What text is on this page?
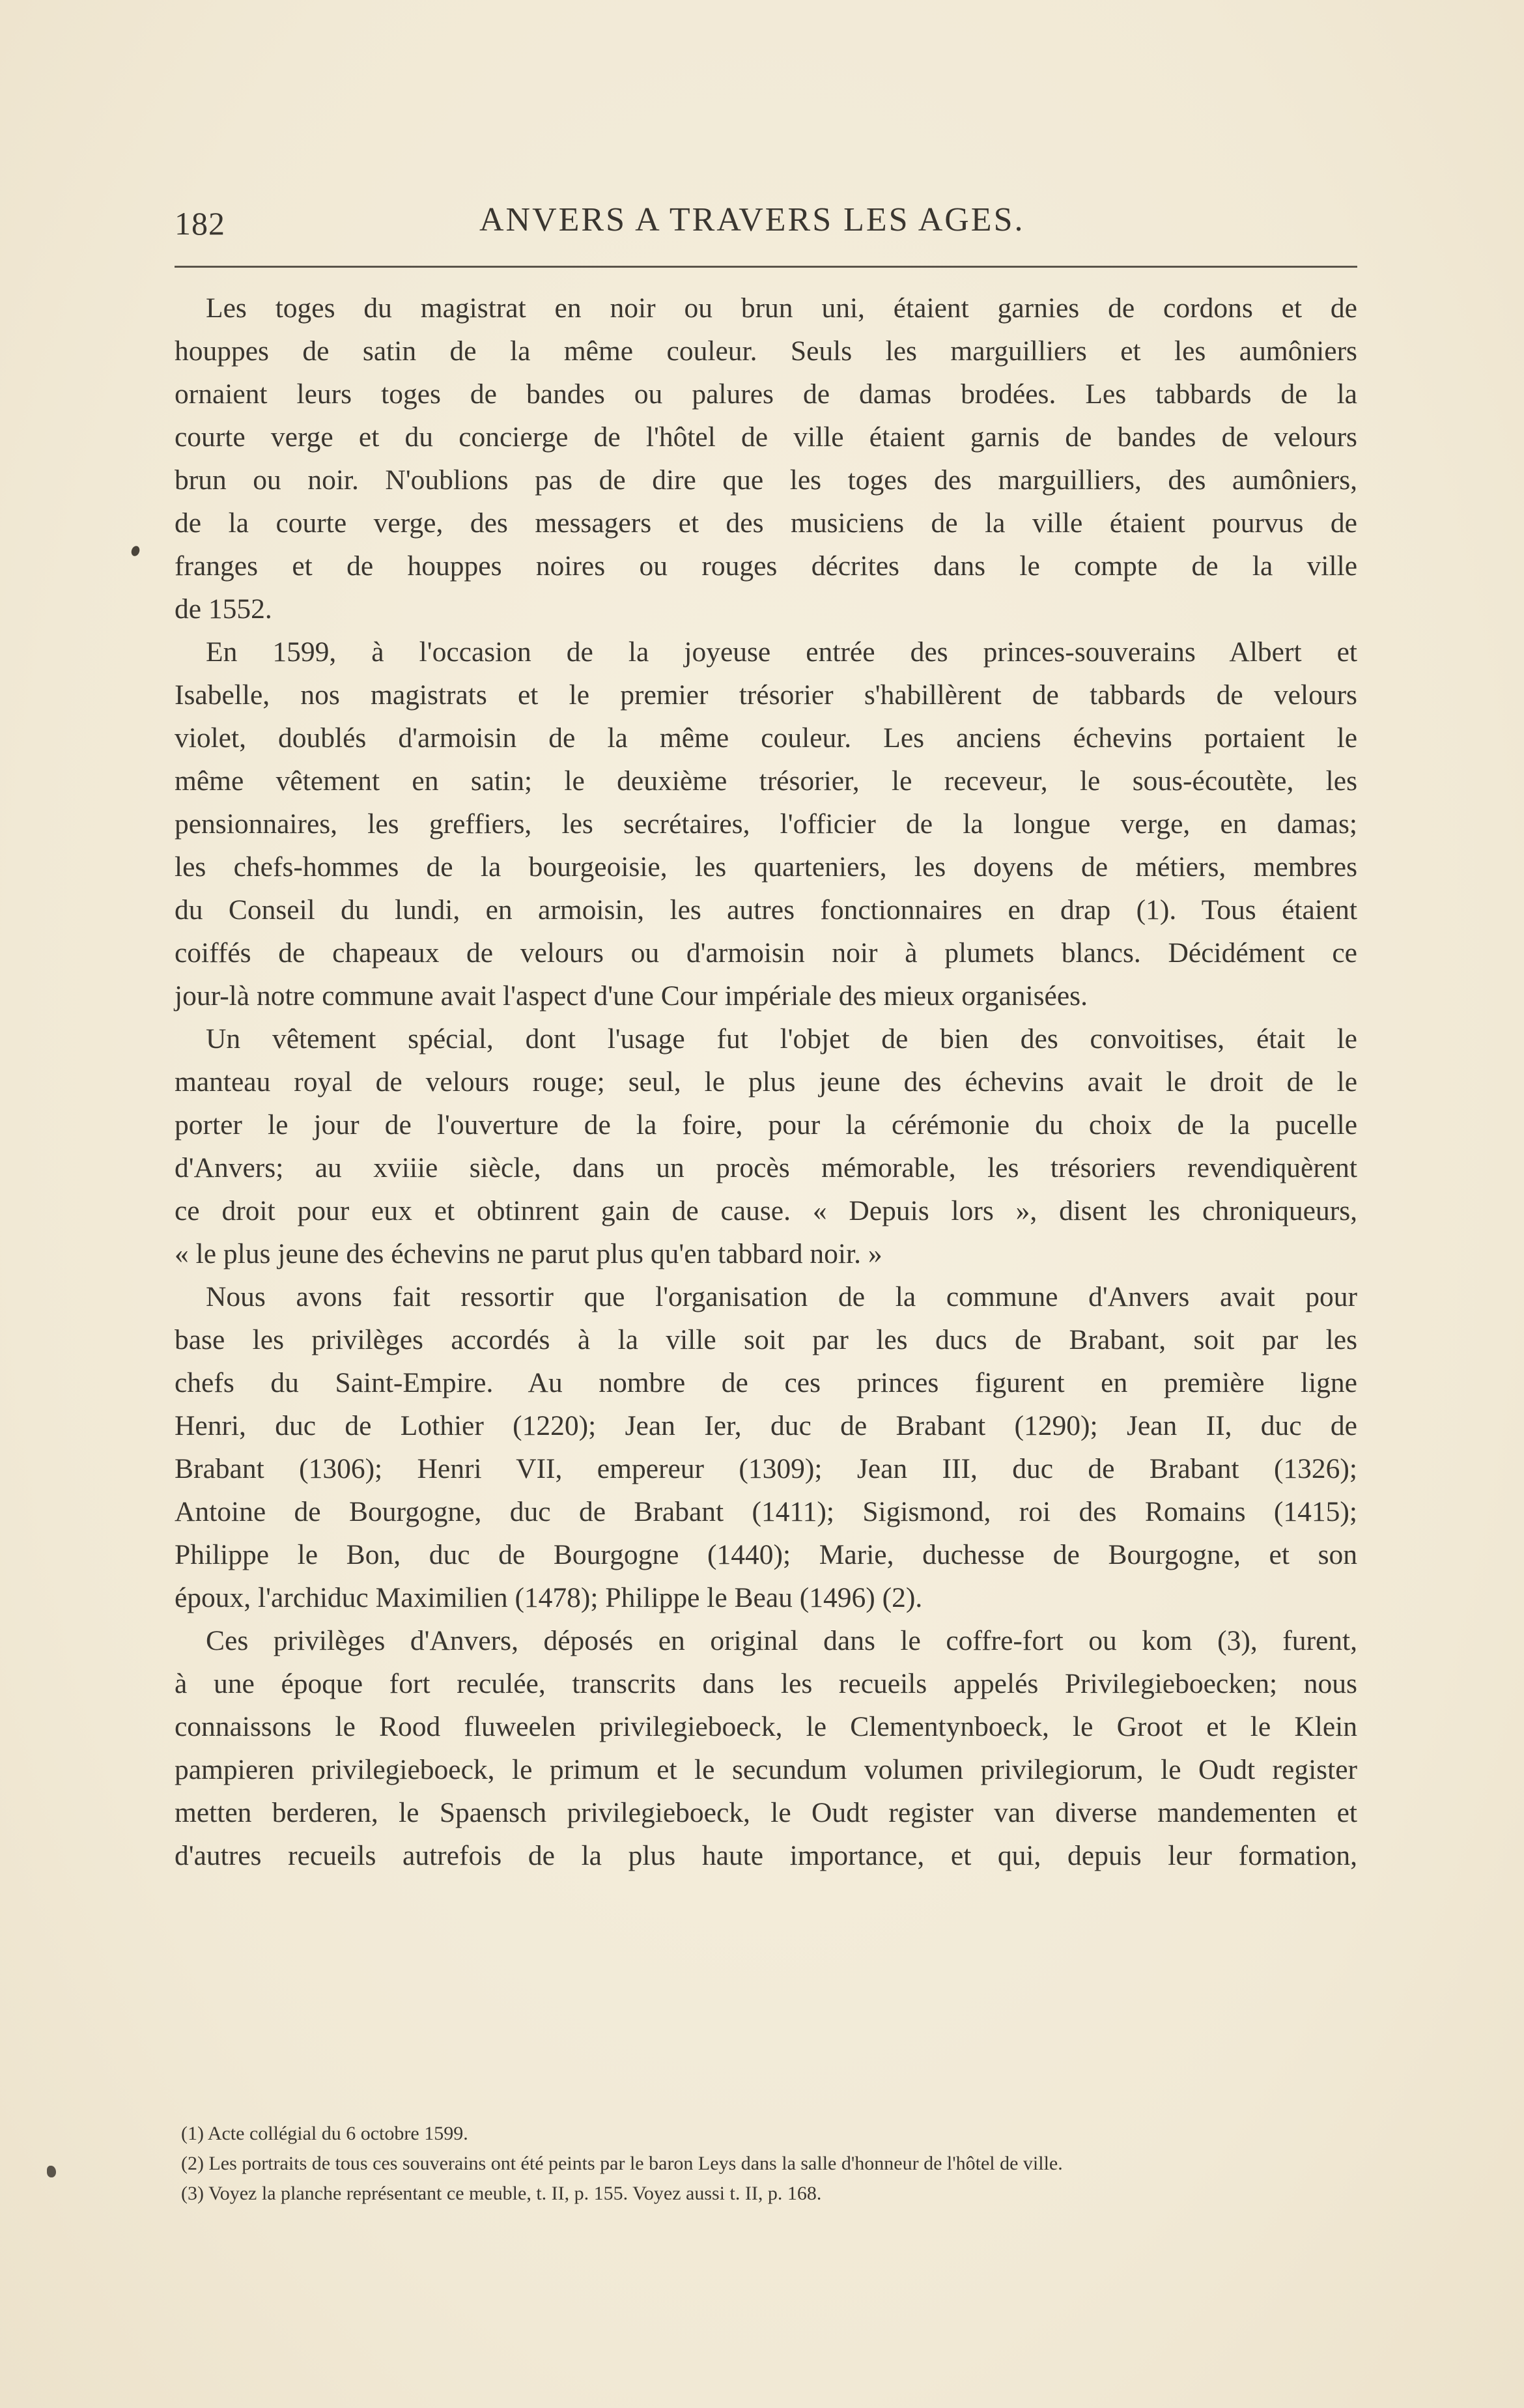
182	ANVERS A TRAVERS LES AGES.

Les toges du magistrat en noir ou brun uni, étaient garnies de cordons et de
houppes de satin de la même couleur. Seuls les marguilliers et les aumôniers
ornaient leurs toges de bandes ou palures de damas brodées. Les tabbards de la
courte verge et du concierge de l'hôtel de ville étaient garnis de bandes de velours
brun ou noir. N'oublions pas de dire que les toges des marguilliers, des aumôniers,
de la courte verge, des messagers et des musiciens de la ville étaient pourvus de
franges et de houppes noires ou rouges décrites dans le compte de la ville
de 1552.

En 1599, à l'occasion de la joyeuse entrée des princes-souverains Albert et
Isabelle, nos magistrats et le premier trésorier s'habillèrent de tabbards de velours
violet, doublés d'armoisin de la même couleur. Les anciens échevins portaient le
même vêtement en satin; le deuxième trésorier, le receveur, le sous-écoutète, les
pensionnaires, les greffiers, les secrétaires, l'officier de la longue verge, en damas;
les chefs-hommes de la bourgeoisie, les quarteniers, les doyens de métiers, membres
du Conseil du lundi, en armoisin, les autres fonctionnaires en drap (1). Tous étaient
coiffés de chapeaux de velours ou d'armoisin noir à plumets blancs. Décidément ce
jour-là notre commune avait l'aspect d'une Cour impériale des mieux organisées.

Un vêtement spécial, dont l'usage fut l'objet de bien des convoitises, était le
manteau royal de velours rouge; seul, le plus jeune des échevins avait le droit de le
porter le jour de l'ouverture de la foire, pour la cérémonie du choix de la pucelle
d'Anvers; au xviiie siècle, dans un procès mémorable, les trésoriers revendiquèrent
ce droit pour eux et obtinrent gain de cause. « Depuis lors », disent les chroniqueurs,
« le plus jeune des échevins ne parut plus qu'en tabbard noir. »

Nous avons fait ressortir que l'organisation de la commune d'Anvers avait pour
base les privilèges accordés à la ville soit par les ducs de Brabant, soit par les
chefs du Saint-Empire. Au nombre de ces princes figurent en première ligne
Henri, duc de Lothier (1220); Jean Ier, duc de Brabant (1290); Jean II, duc de
Brabant (1306); Henri VII, empereur (1309); Jean III, duc de Brabant (1326);
Antoine de Bourgogne, duc de Brabant (1411); Sigismond, roi des Romains (1415);
Philippe le Bon, duc de Bourgogne (1440); Marie, duchesse de Bourgogne, et son
époux, l'archiduc Maximilien (1478); Philippe le Beau (1496) (2).

Ces privilèges d'Anvers, déposés en original dans le coffre-fort ou kom (3), furent,
à une époque fort reculée, transcrits dans les recueils appelés Privilegieboecken; nous
connaissons le Rood fluweelen privilegieboeck, le Clementynboeck, le Groot et le Klein
pampieren privilegieboeck, le primum et le secundum volumen privilegiorum, le Oudt register
metten berderen, le Spaensch privilegieboeck, le Oudt register van diverse mandementen et
d'autres recueils autrefois de la plus haute importance, et qui, depuis leur formation,

(1) Acte collégial du 6 octobre 1599.

(2) Les portraits de tous ces souverains ont été peints par le baron Leys dans la salle d'honneur de l'hôtel de ville.

(3) Voyez la planche représentant ce meuble, t. II, p. 155. Voyez aussi t. II, p. 168.
